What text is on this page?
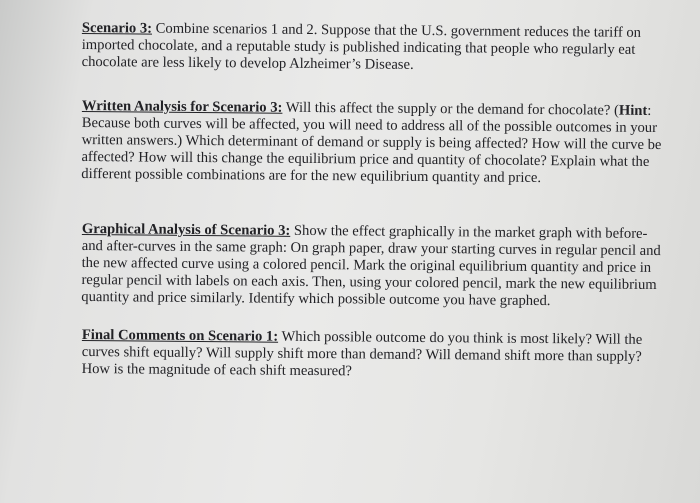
Scenario 3: Combine scenarios 1 and 2. Suppose that the U.S. government reduces the tariff on imported chocolate, and a reputable study is published indicating that people who regularly eat chocolate are less likely to develop Alzheimer’s Disease.

Written Analysis for Scenario 3: Will this affect the supply or the demand for chocolate? (Hint: Because both curves will be affected, you will need to address all of the possible outcomes in your written answers.) Which determinant of demand or supply is being affected? How will the curve be affected? How will this change the equilibrium price and quantity of chocolate? Explain what the different possible combinations are for the new equilibrium quantity and price.

Graphical Analysis of Scenario 3: Show the effect graphically in the market graph with before- and after-curves in the same graph: On graph paper, draw your starting curves in regular pencil and the new affected curve using a colored pencil. Mark the original equilibrium quantity and price in regular pencil with labels on each axis. Then, using your colored pencil, mark the new equilibrium quantity and price similarly. Identify which possible outcome you have graphed.

Final Comments on Scenario 1: Which possible outcome do you think is most likely? Will the curves shift equally? Will supply shift more than demand? Will demand shift more than supply? How is the magnitude of each shift measured?
